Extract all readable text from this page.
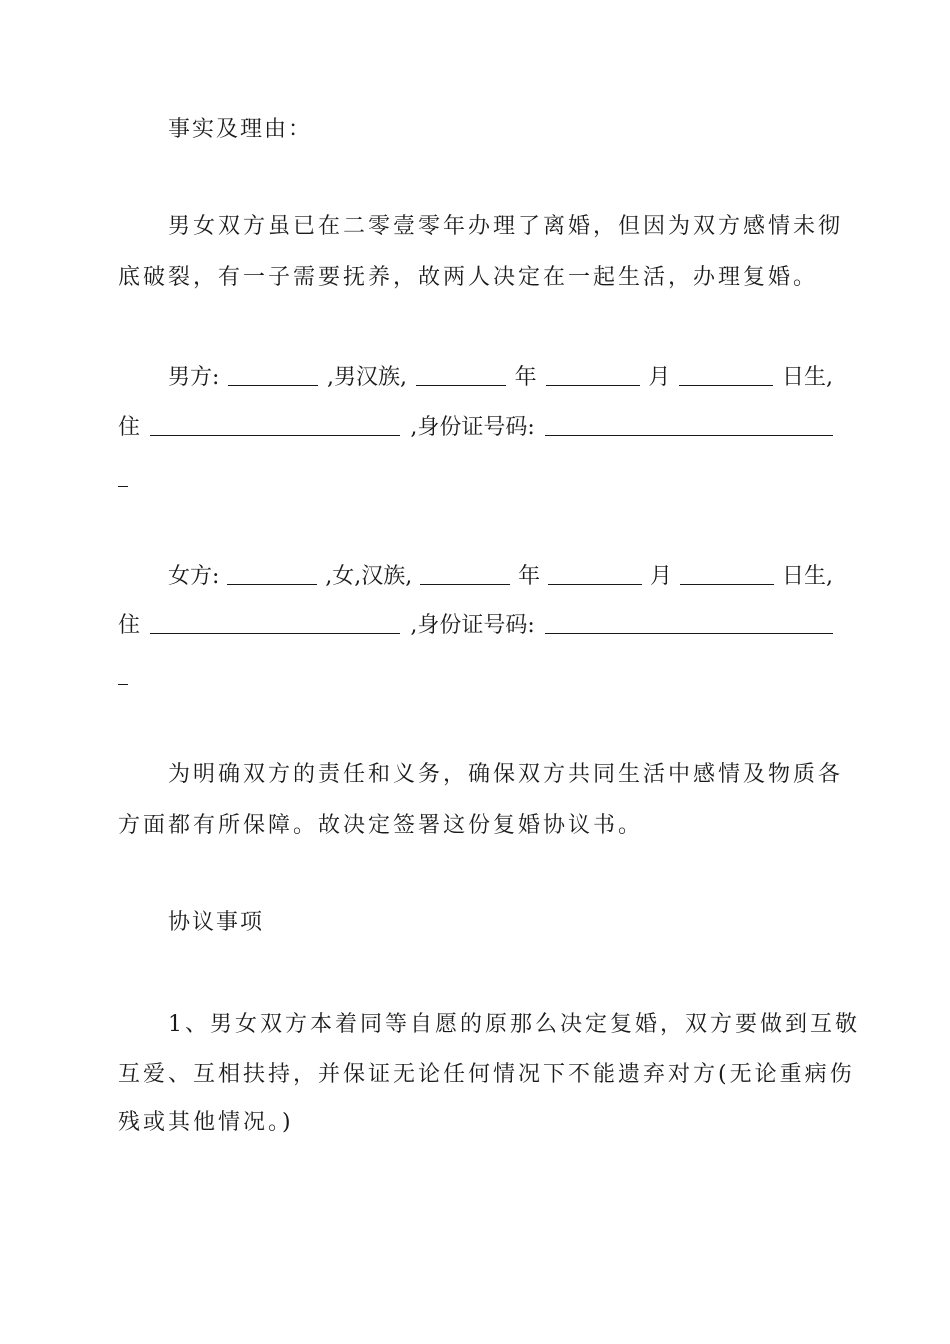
事实及理由：
男女双方虽已在二零壹零年办理了离婚，但因为双方感情未彻
底破裂，有一子需要抚养，故两人决定在一起生活，办理复婚。
男方:	,男汉族,	年	月	日生,
住	,身份证号码:
女方:	,女,汉族,	年	月	日生,
住	,身份证号码:
为明确双方的责任和义务，确保双方共同生活中感情及物质各
方面都有所保障。故决定签署这份复婚协议书。
协议事项
1、男女双方本着同等自愿的原那么决定复婚，双方要做到互敬
互爱、互相扶持，并保证无论任何情况下不能遗弃对方(无论重病伤
残或其他情况。)
